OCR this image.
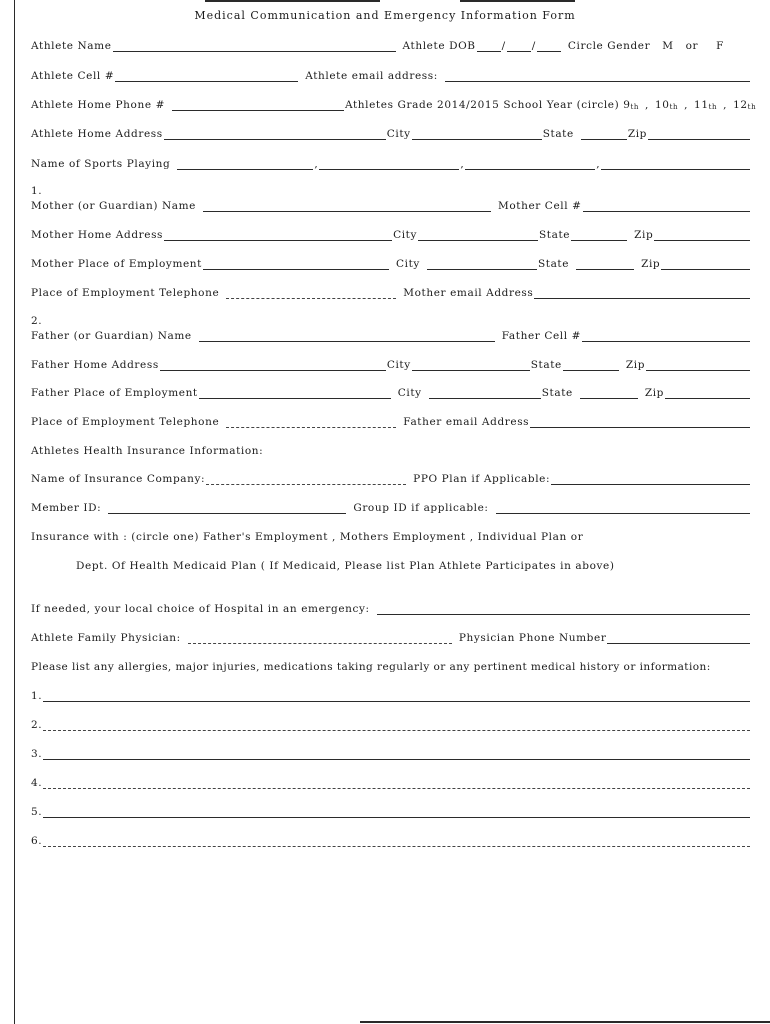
Medical Communication and Emergency Information Form
Athlete Name	Athlete DOB / /	Circle Gender M or F
Athlete Cell #	Athlete email address:
Athlete Home Phone #	Athletes Grade 2014/2015 School Year (circle) 9 th , 10 th , 11 th , 12 th
Athlete Home Address	City	State	Zip
Name of Sports Playing	,	,	,
1.
Mother (or Guardian) Name	Mother Cell #
Mother Home Address	City	State	Zip
Mother Place of Employment	City	State	Zip
Place of Employment Telephone	Mother email Address
2.
Father (or Guardian) Name	Father Cell #
Father Home Address	City	State	Zip
Father Place of Employment	City	State	Zip
Place of Employment Telephone	Father email Address
Athletes Health Insurance Information:
Name of Insurance Company:	PPO Plan if Applicable:
Member ID:	Group ID if applicable:
Insurance with : (circle one) Father's Employment , Mothers Employment , Individual Plan or
Dept. Of Health Medicaid Plan ( If Medicaid, Please list Plan Athlete Participates in above)
If needed, your local choice of Hospital in an emergency:
Athlete Family Physician:	Physician Phone Number
Please list any allergies, major injuries, medications taking regularly or any pertinent medical history or information:
1.
2.
3.
4.
5.
6.
